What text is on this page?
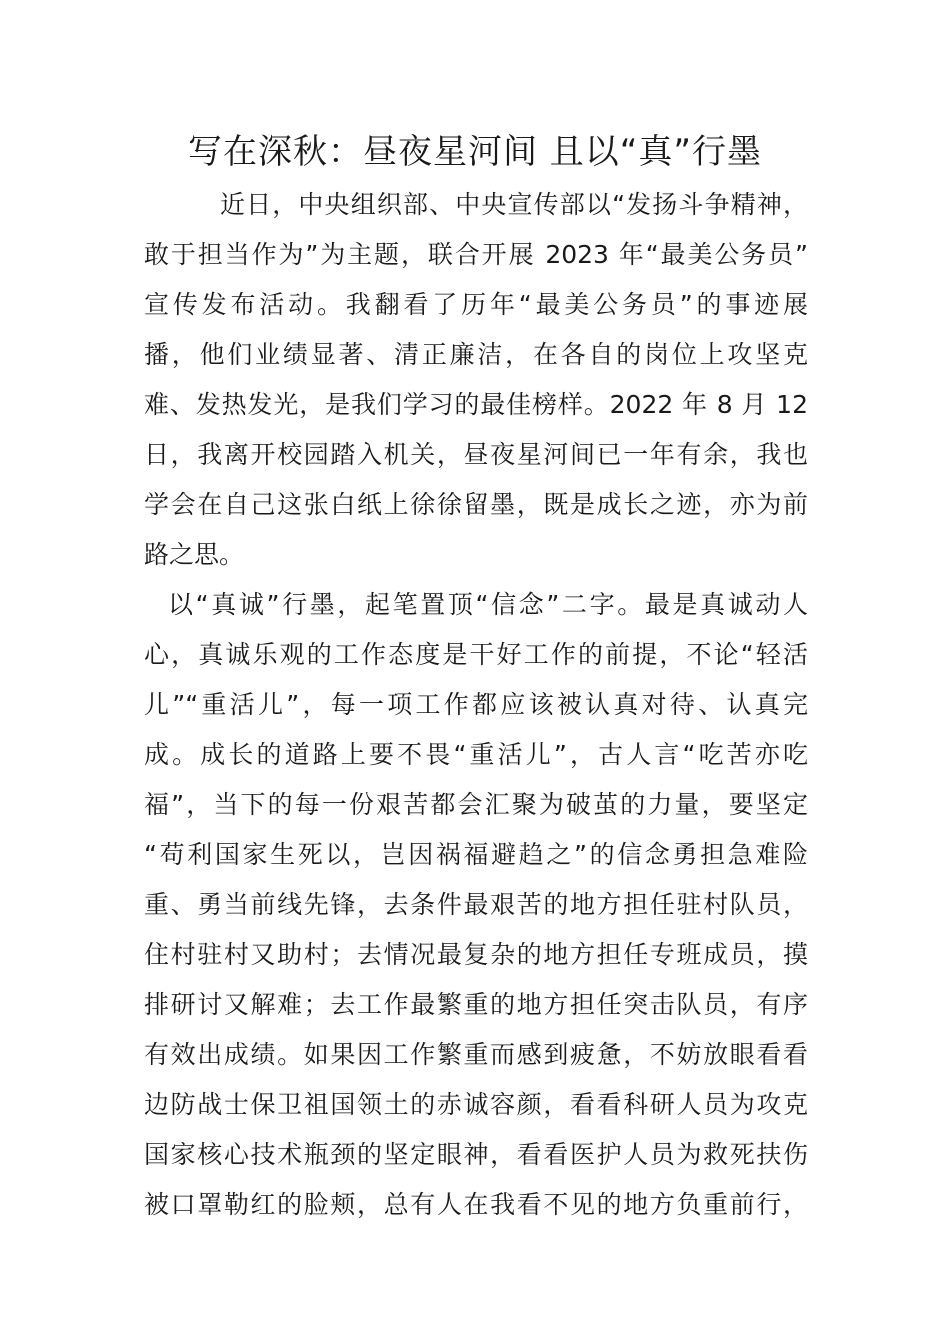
写在深秋：昼夜星河间 且以“真”行墨
近日，中央组织部、中央宣传部以“发扬斗争精神，
敢于担当作为”为主题，联合开展 2023 年“最美公务员”
宣传发布活动。我翻看了历年“最美公务员”的事迹展
播，他们业绩显著、清正廉洁，在各自的岗位上攻坚克
难、发热发光，是我们学习的最佳榜样。2022 年 8 月 12
日，我离开校园踏入机关，昼夜星河间已一年有余，我也
学会在自己这张白纸上徐徐留墨，既是成长之迹，亦为前
路之思。
以“真诚”行墨，起笔置顶“信念”二字。最是真诚动人
心，真诚乐观的工作态度是干好工作的前提，不论“轻活
儿”“重活儿”，每一项工作都应该被认真对待、认真完
成。成长的道路上要不畏“重活儿”，古人言“吃苦亦吃
福”，当下的每一份艰苦都会汇聚为破茧的力量，要坚定
“苟利国家生死以，岂因祸福避趋之”的信念勇担急难险
重、勇当前线先锋，去条件最艰苦的地方担任驻村队员，
住村驻村又助村；去情况最复杂的地方担任专班成员，摸
排研讨又解难；去工作最繁重的地方担任突击队员，有序
有效出成绩。如果因工作繁重而感到疲惫，不妨放眼看看
边防战士保卫祖国领土的赤诚容颜，看看科研人员为攻克
国家核心技术瓶颈的坚定眼神，看看医护人员为救死扶伤
被口罩勒红的脸颊，总有人在我看不见的地方负重前行，
